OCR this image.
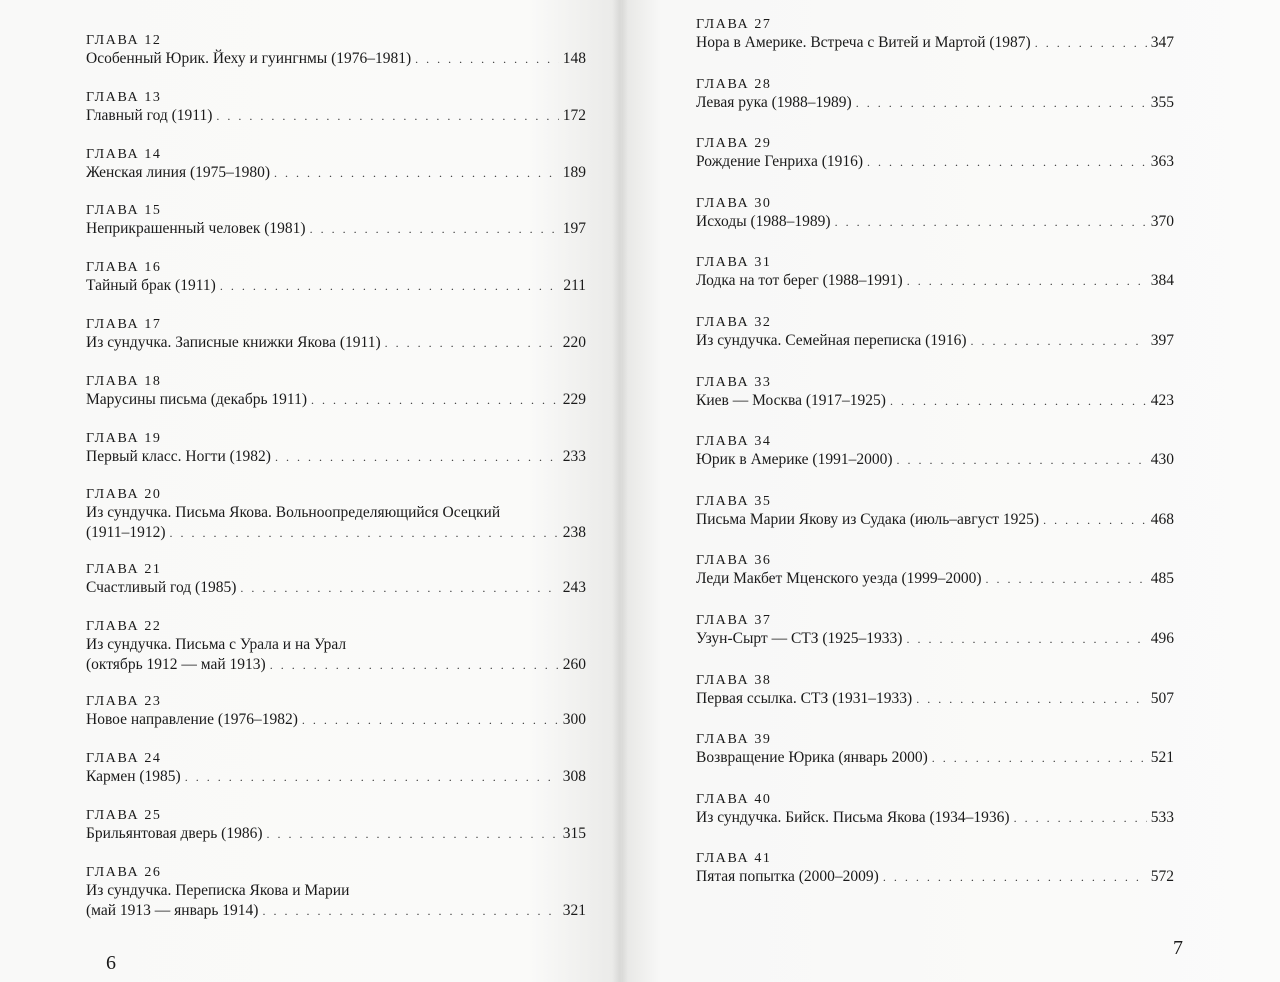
ГЛАВА 12
Особенный Юрик. Йеху и гуингнмы (1976–1981) . . .	148
ГЛАВА 13
Главный год (1911) . . .	172
ГЛАВА 14
Женская линия (1975–1980) . . .	189
ГЛАВА 15
Неприкрашенный человек (1981) . . .	197
ГЛАВА 16
Тайный брак (1911) . . .	211
ГЛАВА 17
Из сундучка. Записные книжки Якова (1911) . . .	220
ГЛАВА 18
Марусины письма (декабрь 1911) . . .	229
ГЛАВА 19
Первый класс. Ногти (1982) . . .	233
ГЛАВА 20
Из сундучка. Письма Якова. Вольноопределяющийся Осецкий
(1911–1912) . . .	238
ГЛАВА 21
Счастливый год (1985) . . .	243
ГЛАВА 22
Из сундучка. Письма с Урала и на Урал
(октябрь 1912 — май 1913) . . .	260
ГЛАВА 23
Новое направление (1976–1982) . . .	300
ГЛАВА 24
Кармен (1985) . . .	308
ГЛАВА 25
Брильянтовая дверь (1986) . . .	315
ГЛАВА 26
Из сундучка. Переписка Якова и Марии
(май 1913 — январь 1914) . . .	321
ГЛАВА 27
Нора в Америке. Встреча с Витей и Мартой (1987) . . .	347
ГЛАВА 28
Левая рука (1988–1989) . . .	355
ГЛАВА 29
Рождение Генриха (1916) . . .	363
ГЛАВА 30
Исходы (1988–1989) . . .	370
ГЛАВА 31
Лодка на тот берег (1988–1991) . . .	384
ГЛАВА 32
Из сундучка. Семейная переписка (1916) . . .	397
ГЛАВА 33
Киев — Москва (1917–1925) . . .	423
ГЛАВА 34
Юрик в Америке (1991–2000) . . .	430
ГЛАВА 35
Письма Марии Якову из Судака (июль–август 1925) . . .	468
ГЛАВА 36
Леди Макбет Мценского уезда (1999–2000) . . .	485
ГЛАВА 37
Узун-Сырт — СТЗ (1925–1933) . . .	496
ГЛАВА 38
Первая ссылка. СТЗ (1931–1933) . . .	507
ГЛАВА 39
Возвращение Юрика (январь 2000) . . .	521
ГЛАВА 40
Из сундучка. Бийск. Письма Якова (1934–1936) . . .	533
ГЛАВА 41
Пятая попытка (2000–2009) . . .	572
6
7
